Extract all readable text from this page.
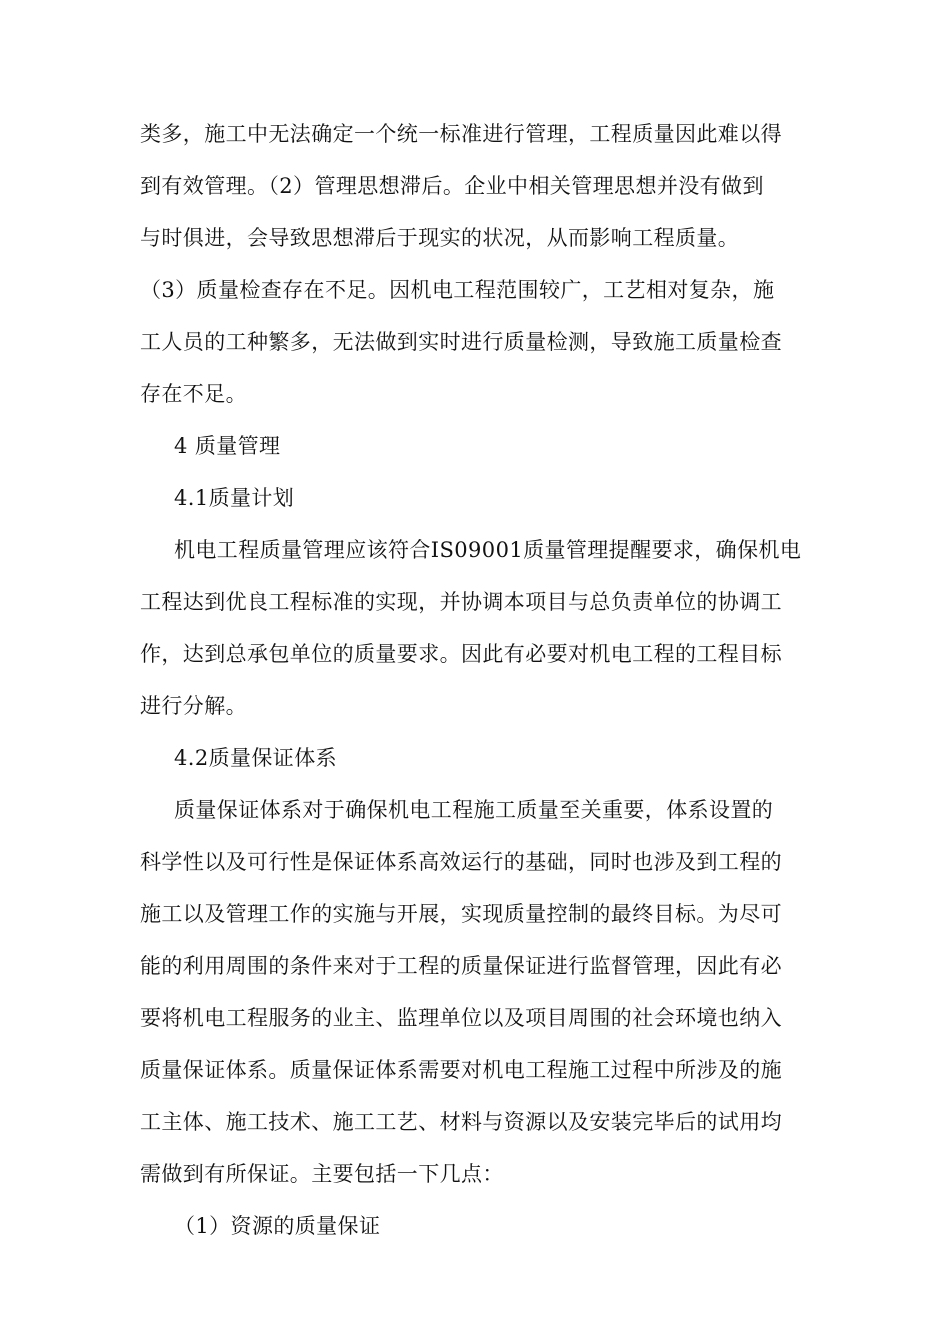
类多，施工中无法确定一个统一标准进行管理，工程质量因此难以得
到有效管理。（2）管理思想滞后。企业中相关管理思想并没有做到
与时俱进，会导致思想滞后于现实的状况，从而影响工程质量。
（3）质量检查存在不足。因机电工程范围较广，工艺相对复杂，施
工人员的工种繁多，无法做到实时进行质量检测，导致施工质量检查
存在不足。
4 质量管理
4.1质量计划
机电工程质量管理应该符合IS09001质量管理提醒要求，确保机电
工程达到优良工程标准的实现，并协调本项目与总负责单位的协调工
作，达到总承包单位的质量要求。因此有必要对机电工程的工程目标
进行分解。
4.2质量保证体系
质量保证体系对于确保机电工程施工质量至关重要，体系设置的
科学性以及可行性是保证体系高效运行的基础，同时也涉及到工程的
施工以及管理工作的实施与开展，实现质量控制的最终目标。为尽可
能的利用周围的条件来对于工程的质量保证进行监督管理，因此有必
要将机电工程服务的业主、监理单位以及项目周围的社会环境也纳入
质量保证体系。质量保证体系需要对机电工程施工过程中所涉及的施
工主体、施工技术、施工工艺、材料与资源以及安装完毕后的试用均
需做到有所保证。主要包括一下几点：
（1）资源的质量保证
